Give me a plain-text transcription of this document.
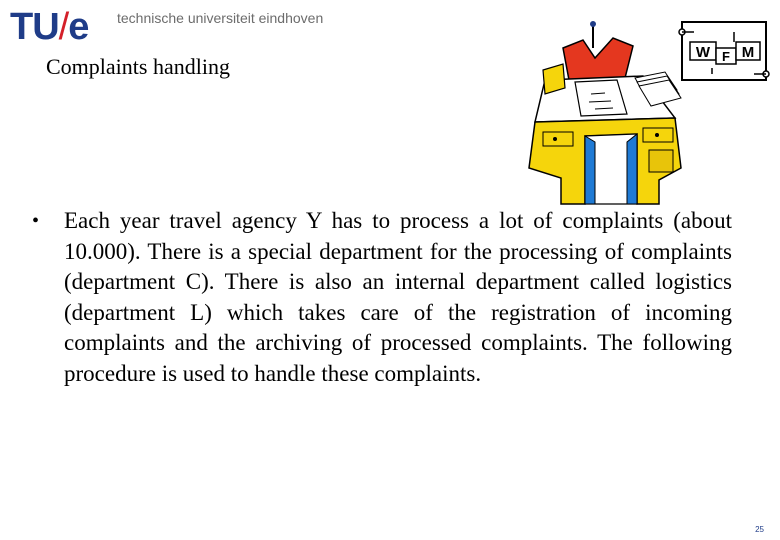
TU/e technische universiteit eindhoven
Complaints handling
W F M
• Each year travel agency Y has to process a lot of complaints (about 10.000). There is a special department for the processing of complaints (department C). There is also an internal department called logistics (department L) which takes care of the registration of incoming complaints and the archiving of processed complaints. The following procedure is used to handle these complaints.
25
